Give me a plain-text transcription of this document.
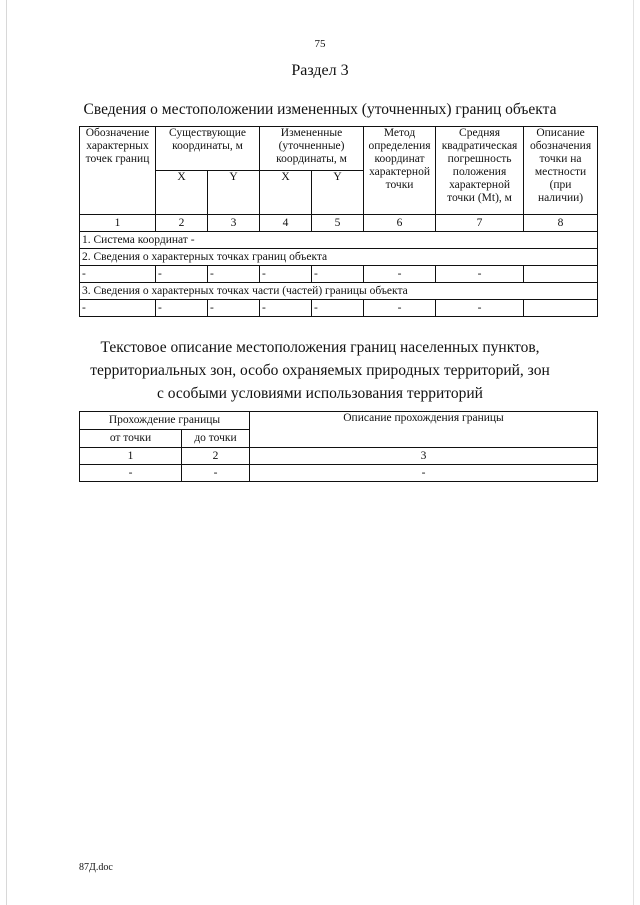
75
Раздел 3
Сведения о местоположении измененных (уточненных) границ объекта
Обозначение характерных точек границ	Существующие координаты, м		Измененные (уточненные) координаты, м		Метод определения координат характерной точки	Средняя квадратическая погрешность положения характерной точки (Mt), м	Описание обозначения точки на местности (при наличии)
	X	Y	X	Y			
1	2	3	4	5	6	7	8
1. Система координат -							
2. Сведения о характерных точках границ объекта							
-	-	-	-	-	-	-	
3. Сведения о характерных точках части (частей) границы объекта							
-	-	-	-	-	-	-	
Текстовое описание местоположения границ населенных пунктов,
территориальных зон, особо охраняемых природных территорий, зон
с особыми условиями использования территорий
Прохождение границы		Описание прохождения границы
от точки	до точки	
1	2	3
-	-	-
87Д.doc
